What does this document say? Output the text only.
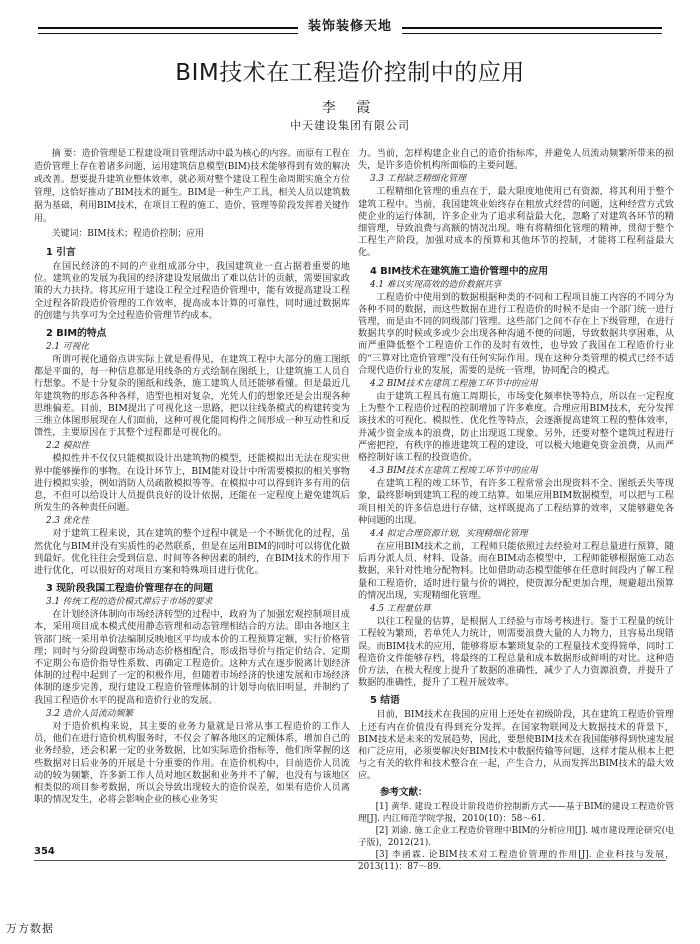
装饰装修天地
BIM技术在工程造价控制中的应用
李 霞
中天建设集团有限公司

摘 要：造价管理是工程建设项目管理活动中最为核心的内容。而原有工程在造价管理上存在着诸多问题，运用建筑信息模型(BIM)技术能够得到有效的解决或改善。想要提升建筑业整体效率，就必须对整个建设工程生命周期实施全方位管理，这恰好推动了BIM技术的诞生。BIM是一种生产工具，相关人员以建筑数据为基础，利用BIM技术，在项目工程的施工、造价、管理等阶段发挥着关键作用。

关键词：BIM技术；程造价控制；应用

1 引言

在国民经济的不同的产业组成部分中，我国建筑业一直占据着重要的地位。建筑业的发展为我国的经济建设发展做出了难以估计的贡献，需要国家政策的大力扶持。将其应用于建设工程全过程造价管理中，能有效提高建设工程全过程各阶段造价管理的工作效率，提高成本计算的可靠性，同时通过数据库的创建与共享可为全过程造价管理节约成本。

2 BIM的特点
2.1 可视化

所谓可视化通俗点讲实际上就是看得见，在建筑工程中大部分的施工图纸都是平面的，每一种信息都是用线条的方式绘制在图纸上，让建筑施工人员自行想象。不是十分复杂的图纸和线条，施工建筑人员还能够看懂。但是最近几年建筑物的形态各种各样，造型也相对复杂，光凭人们的想象还是会出现各种思维偏差。目前，BIM提出了可视化这一思路，把以往线条模式的构建转变为三维立体图形展现在人们面前，这种可视化能同构件之间形成一种互动性和反馈性，主要原因在于其整个过程都是可视化的。

2.2 模拟性

模拟性并不仅仅只能模拟设计出建筑物的模型，还能模拟出无法在现实世界中能够操作的事物。在设计环节上，BIM能对设计中所需要模拟的相关事物进行模拟实验，例如消防人员疏散模拟等等。在模拟中可以得到许多有用的信息，不但可以给设计人员提供良好的设计依据，还能在一定程度上避免建筑后所发生的各种责任问题。

2.3 优化性

对于建筑工程来说，其在建筑的整个过程中就是一个不断优化的过程，虽然优化与BIM并没有实质性的必然联系，但是在运用BIM的同时可以将优化做到最好。优化往往会受到信息、时间等各种因素的制约，在BIM技术的作用下进行优化，可以很好的对项目方案和特殊项目进行优化。

3 现阶段我国工程造价管理存在的问题
3.1 传统工程的造价模式滞后于市场的要求

在计划经济体制向市场经济转型的过程中，政府为了加强宏观控制项目成本，采用项目成本模式使用静态管理和动态管理相结合的方法。即由各地区主管部门统一采用单价法编制反映地区平均成本价的工程预算定额，实行价格管理；同时与分阶段调整市场动态价格相配合，形成指导价与指定价结合、定期不定期公布造价指导性系数、再确定工程造价。这种方式在逐步脱离计划经济体制的过程中起到了一定的积极作用，但随着市场经济的快速发展和市场经济体制的逐步完善，现行建设工程造价管理体制的计划导向依旧明显，并制约了我国工程造价水平的提高和造价行业的发展。

3.2 造价人员流动频繁

对于造价机构来说，其主要的业务力量就是日常从事工程造价的工作人员，他们在进行造价机构服务时，不仅会了解各地区的定额体系，增加自己的业务经验，还会积累一定的业务数据，比如实际造价指标等，他们所掌握的这些数据对日后业务的开展是十分重要的作用。在造价机构中，目前造价人员流动的较为频繁，许多新工作人员对地区数据和业务并不了解，也没有与该地区相类似的项目参考数据，所以会导致出现较大的造价误差，如果有造价人员离职的情况发生，必将会影响企业的核心业务实

力。当前，怎样构建企业自己的造价指标库，并避免人员流动频繁所带来的损失，是许多造价机构所面临的主要问题。

3.3 工程缺乏精细化管理

工程精细化管理的重点在于，最大限度地使用已有资源，将其利用于整个建筑工程中。当前，我国建筑业始终存在粗放式经营的问题，这种经营方式致使企业的运行体制，许多企业为了追求利益最大化，忽略了对建筑各环节的精细管理，导致浪费与高额的情况出现。唯有将精细化管理的精神，贯彻于整个工程生产阶段，加强对成本的预算和其他环节的控制，才能将工程利益最大化。

4 BIM技术在建筑施工造价管理中的应用
4.1 难以实现高效的造价数据共享

工程造价中使用到的数据根据种类的不同和工程项目施工内容的不同分为各种不同的数据，而这些数据在进行工程造价的时候不是由一个部门统一进行管理，而是由不同的同级部门管理。这些部门之间不存在上下级管理，在进行数据共享的时候或多或少会出现各种沟通不便的问题，导致数据共享困难，从而严重降低整个工程造价工作的及时有效性，也导致了我国在工程造价行业的“三算对比造价管理”没有任何实际作用。现在这种分类管理的模式已经不适合现代造价行业的发展，需要的是统一管理，协同配合的模式。

4.2 BIM技术在建筑工程施工环节中的应用

由于建筑工程具有施工周期长，市场变化频率快等特点，所以在一定程度上为整个工程造价过程的控制增加了许多难度。合理应用BIM技术，充分发挥该技术的可视化、模拟性、优化性等特点，会逐渐提高建筑工程的整体效率，并减少资金成本的浪费，防止出现返工现象。另外，还要对整个建筑过程进行严密把控，有秩序的推进建筑工程的建设，可以极大地避免资金浪费，从而严格控制好该工程的投资造价。

4.3 BIM技术在建筑工程竣工环节中的应用

在建筑工程的竣工环节，有许多工程常常会出现资料不全、图纸丢失等现象，最终影响到建筑工程的竣工结算。如果应用BIM数据模型，可以把与工程项目相关的许多信息进行存储，这样既提高了工程结算的效率，又能够避免各种问题的出现。

4.4 拟定合理资源计划，实现精细化管理

在应用BIM技术之前，工程师只能依照过去经验对工程总量进行预算，随后再分派人员、材料、设备。而在BIM动态模型中，工程师能够根据施工动态数据，来针对性地分配物料。比如借助动态模型能够在任意时间段内了解工程量和工程造价，适时进行量与价的调控，使资源分配更加合理，规避超出预算的情况出现，实现精细化管理。

4.5 工程量估算

以往工程量的估算，是根据人工经验与市场考核进行。鉴于工程量的统计工程较为繁琐，若单凭人力统计，则需要浪费大量的人力物力，且容易出现错误。而BIM技术的应用，能够将原本繁琐复杂的工程量技术变得简单，同时工程造价文件能够存档，将最终的工程总量和成本数据形成鲜明的对比。这种造价方法，在极大程度上提升了数据的准确性，减少了人力资源浪费，并提升了数据的准确性，提升了工程开展效率。

5 结语

目前，BIM技术在我国的应用上还处在初级阶段，其在建筑工程造价管理上还有内在价值没有得到充分发挥。在国家物联网及大数据技术的背景下，BIM技术是未来的发展趋势，因此，要想使BIM技术在我国能够得到快速发展和广泛应用，必须要解决好BIM技术中数据传输等问题，这样才能从根本上把与之有关的软件和技术整合在一起，产生合力，从而发挥出BIM技术的最大效应。

参考文献：

[1] 黄华. 建设工程设计阶段造价控制新方式——基于BIM的建设工程造价管理[J]. 内江师范学院学报，2010(10)：58～61.

[2] 刘渝. 施工企业工程造价管理中BIM的分析应用[J]. 城市建设理论研究(电子版)，2012(21).

[3] 李函霖. 论BIM技术对工程造价管理的作用[J]. 企业科技与发展，2013(11)：87～89.

354
万方数据
